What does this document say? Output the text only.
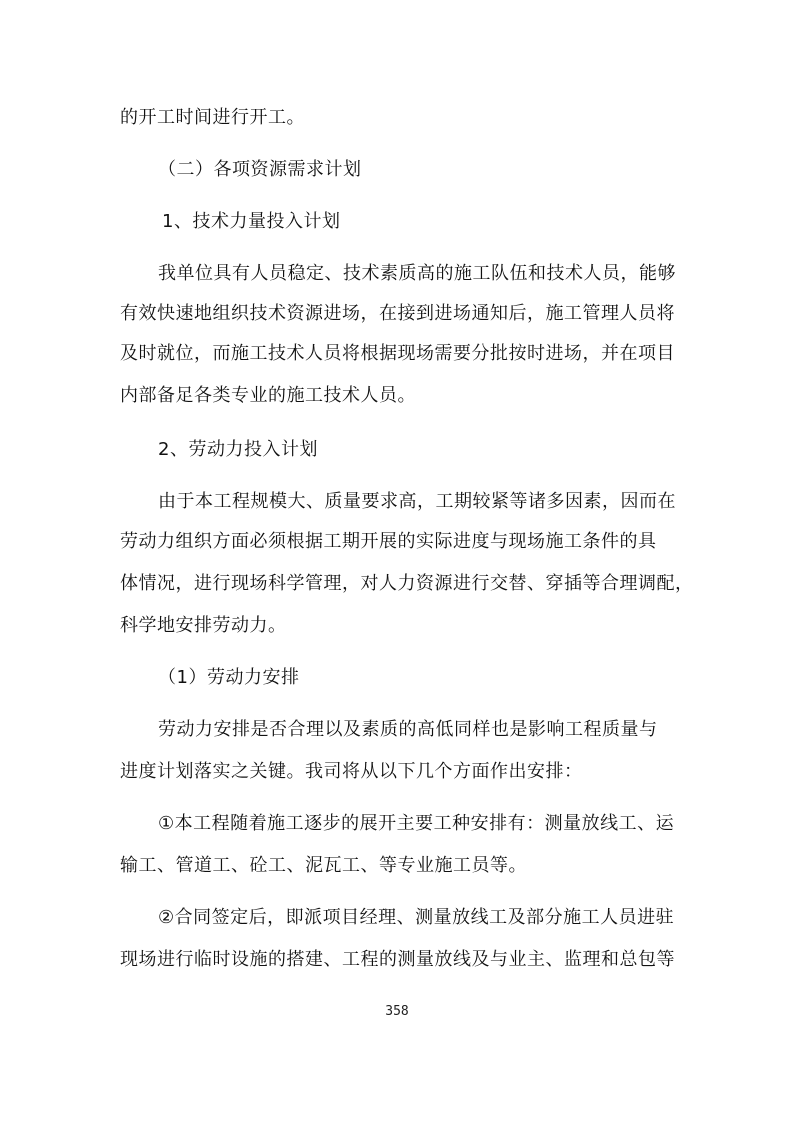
的开工时间进行开工。
（二）各项资源需求计划
1、技术力量投入计划
我单位具有人员稳定、技术素质高的施工队伍和技术人员，能够
有效快速地组织技术资源进场，在接到进场通知后，施工管理人员将
及时就位，而施工技术人员将根据现场需要分批按时进场，并在项目
内部备足各类专业的施工技术人员。
2、劳动力投入计划
由于本工程规模大、质量要求高，工期较紧等诸多因素，因而在
劳动力组织方面必须根据工期开展的实际进度与现场施工条件的具
体情况，进行现场科学管理，对人力资源进行交替、穿插等合理调配，
科学地安排劳动力。
（1）劳动力安排
劳动力安排是否合理以及素质的高低同样也是影响工程质量与
进度计划落实之关键。我司将从以下几个方面作出安排：
①本工程随着施工逐步的展开主要工种安排有：测量放线工、运
输工、管道工、砼工、泥瓦工、等专业施工员等。
②合同签定后，即派项目经理、测量放线工及部分施工人员进驻
现场进行临时设施的搭建、工程的测量放线及与业主、监理和总包等
358
